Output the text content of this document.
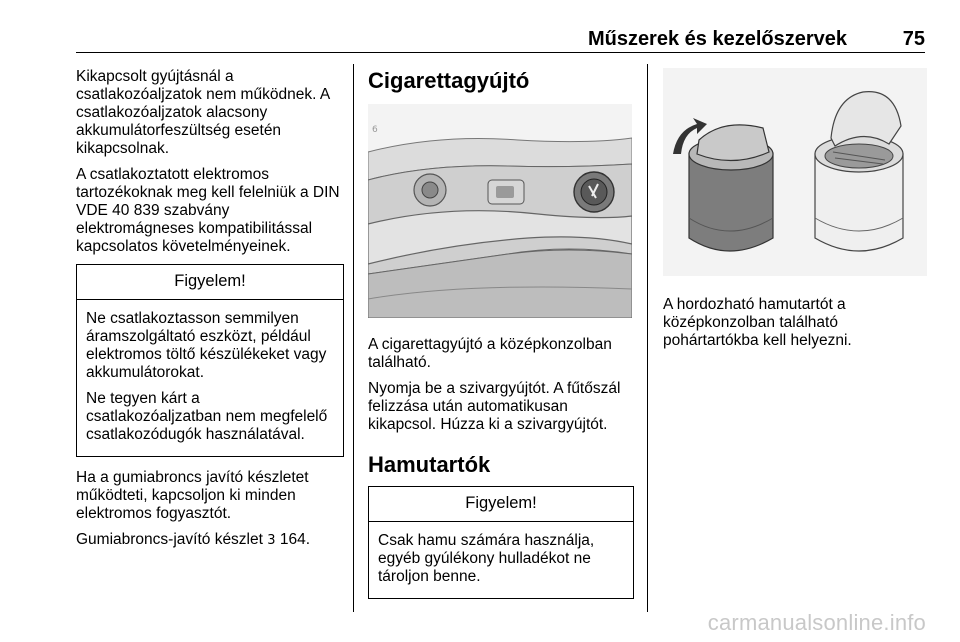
Műszerek és kezelőszervek	75

Kikapcsolt gyújtásnál a csatlakozóaljzatok nem működnek. A csatlakozóaljzatok alacsony akkumulátorfeszültség esetén kikapcsolnak.

A csatlakoztatott elektromos tartozékoknak meg kell felelniük a DIN VDE 40 839 szabvány elektromágneses kompatibilitással kapcsolatos követelményeinek.

Figyelem!

Ne csatlakoztasson semmilyen áramszolgáltató eszközt, például elektromos töltő készülékeket vagy akkumulátorokat.

Ne tegyen kárt a csatlakozóaljzatban nem megfelelő csatlakozódugók használatával.

Ha a gumiabroncs javító készletet működteti, kapcsoljon ki minden elektromos fogyasztót.

Gumiabroncs-javító készlet 3 164.

Cigarettagyújtó
6

A cigarettagyújtó a középkonzolban található.

Nyomja be a szivargyújtót. A fűtőszál felizzása után automatikusan kikapcsol. Húzza ki a szivargyújtót.

Hamutartók
Figyelem!

Csak hamu számára használja, egyéb gyúlékony hulladékot ne tároljon benne.

A hordozható hamutartót a középkonzolban található pohártartókba kell helyezni.

carmanualsonline.info
